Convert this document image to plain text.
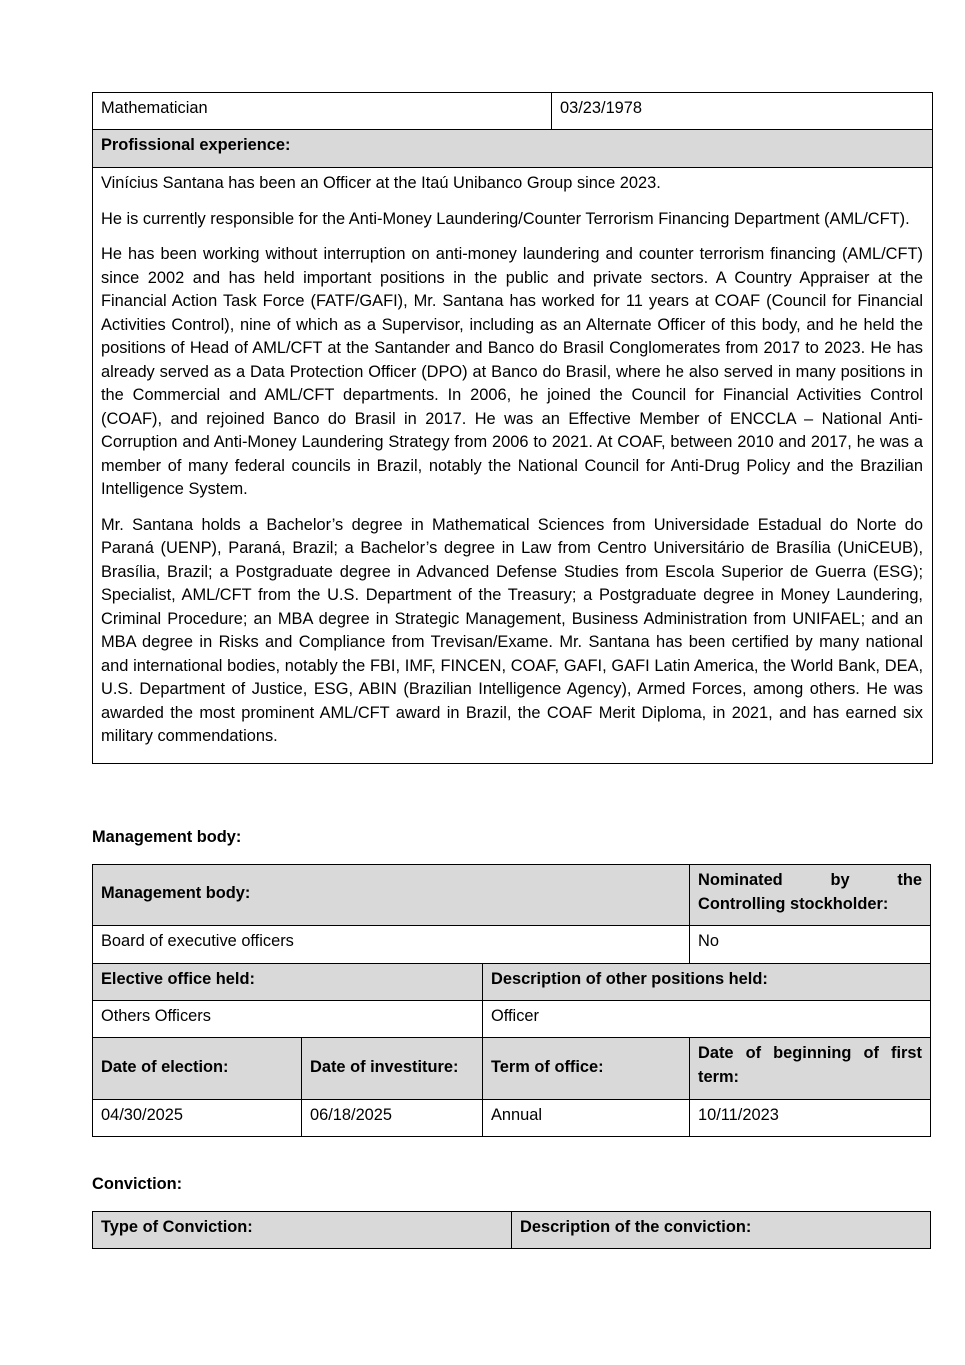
Mathematician	03/23/1978
Profissional experience:

Vinícius Santana has been an Officer at the Itaú Unibanco Group since 2023.

He is currently responsible for the Anti-Money Laundering/Counter Terrorism Financing Department (AML/CFT).

He has been working without interruption on anti-money laundering and counter terrorism financing (AML/CFT) since 2002 and has held important positions in the public and private sectors. A Country Appraiser at the Financial Action Task Force (FATF/GAFI), Mr. Santana has worked for 11 years at COAF (Council for Financial Activities Control), nine of which as a Supervisor, including as an Alternate Officer of this body, and he held the positions of Head of AML/CFT at the Santander and Banco do Brasil Conglomerates from 2017 to 2023. He has already served as a Data Protection Officer (DPO) at Banco do Brasil, where he also served in many positions in the Commercial and AML/CFT departments. In 2006, he joined the Council for Financial Activities Control (COAF), and rejoined Banco do Brasil in 2017. He was an Effective Member of ENCCLA – National Anti-Corruption and Anti-Money Laundering Strategy from 2006 to 2021. At COAF, between 2010 and 2017, he was a member of many federal councils in Brazil, notably the National Council for Anti-Drug Policy and the Brazilian Intelligence System.

Mr. Santana holds a Bachelor’s degree in Mathematical Sciences from Universidade Estadual do Norte do Paraná (UENP), Paraná, Brazil; a Bachelor’s degree in Law from Centro Universitário de Brasília (UniCEUB), Brasília, Brazil; a Postgraduate degree in Advanced Defense Studies from Escola Superior de Guerra (ESG); Specialist, AML/CFT from the U.S. Department of the Treasury; a Postgraduate degree in Money Laundering, Criminal Procedure; an MBA degree in Strategic Management, Business Administration from UNIFAEL; and an MBA degree in Risks and Compliance from Trevisan/Exame. Mr. Santana has been certified by many national and international bodies, notably the FBI, IMF, FINCEN, COAF, GAFI, GAFI Latin America, the World Bank, DEA, U.S. Department of Justice, ESG, ABIN (Brazilian Intelligence Agency), Armed Forces, among others. He was awarded the most prominent AML/CFT award in Brazil, the COAF Merit Diploma, in 2021, and has earned six military commendations.

Management body:
Management body:			Nominated by the Controlling stockholder:
Board of executive officers			No
Elective office held:		Description of other positions held:	
Others Officers		Officer	
Date of election:	Date of investiture:	Term of office:	Date of beginning of first term:
04/30/2025	06/18/2025	Annual	10/11/2023
Conviction:
Type of Conviction:	Description of the conviction:
